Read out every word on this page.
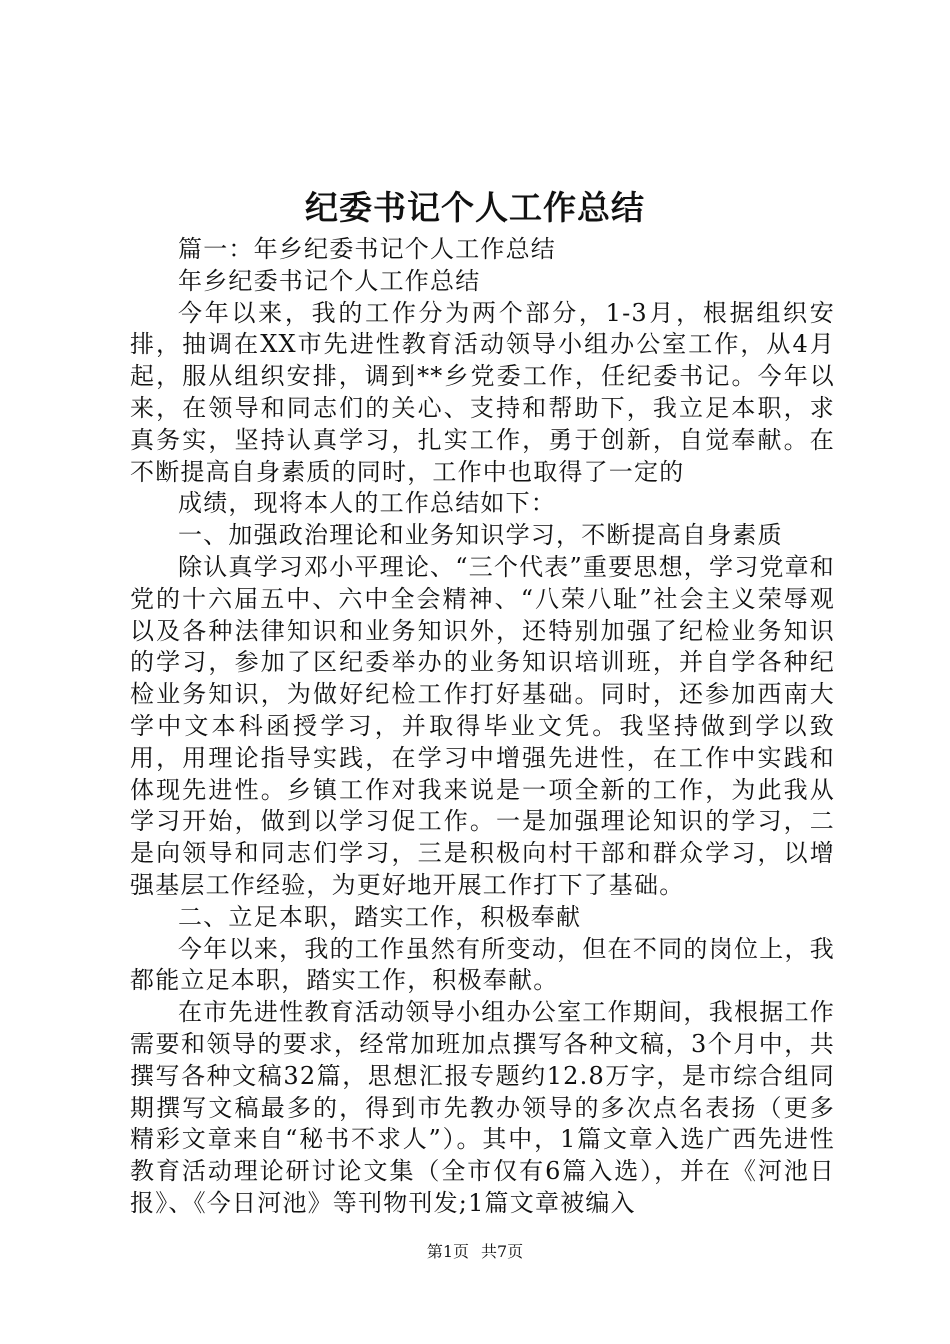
纪委书记个人工作总结

篇一：年乡纪委书记个人工作总结

年乡纪委书记个人工作总结

今年以来，我的工作分为两个部分，1-3月，根据组织安排，抽调在XX市先进性教育活动领导小组办公室工作，从4月起，服从组织安排，调到**乡党委工作，任纪委书记。今年以来，在领导和同志们的关心、支持和帮助下，我立足本职，求真务实，坚持认真学习，扎实工作，勇于创新，自觉奉献。在不断提高自身素质的同时，工作中也取得了一定的

成绩，现将本人的工作总结如下：

一、加强政治理论和业务知识学习，不断提高自身素质

除认真学习邓小平理论、“三个代表”重要思想，学习党章和党的十六届五中、六中全会精神、“八荣八耻”社会主义荣辱观以及各种法律知识和业务知识外，还特别加强了纪检业务知识的学习，参加了区纪委举办的业务知识培训班，并自学各种纪检业务知识，为做好纪检工作打好基础。同时，还参加西南大学中文本科函授学习，并取得毕业文凭。我坚持做到学以致用，用理论指导实践，在学习中增强先进性，在工作中实践和体现先进性。乡镇工作对我来说是一项全新的工作，为此我从学习开始，做到以学习促工作。一是加强理论知识的学习，二是向领导和同志们学习，三是积极向村干部和群众学习，以增强基层工作经验，为更好地开展工作打下了基础。

二、立足本职，踏实工作，积极奉献

今年以来，我的工作虽然有所变动，但在不同的岗位上，我都能立足本职，踏实工作，积极奉献。

在市先进性教育活动领导小组办公室工作期间，我根据工作需要和领导的要求，经常加班加点撰写各种文稿，3个月中，共撰写各种文稿32篇，思想汇报专题约12.8万字，是市综合组同期撰写文稿最多的，得到市先教办领导的多次点名表扬（更多精彩文章来自“秘书不求人”）。其中，1篇文章入选广西先进性教育活动理论研讨论文集（全市仅有6篇入选），并在《河池日报》、《今日河池》等刊物刊发;1篇文章被编入

第1页 共7页
